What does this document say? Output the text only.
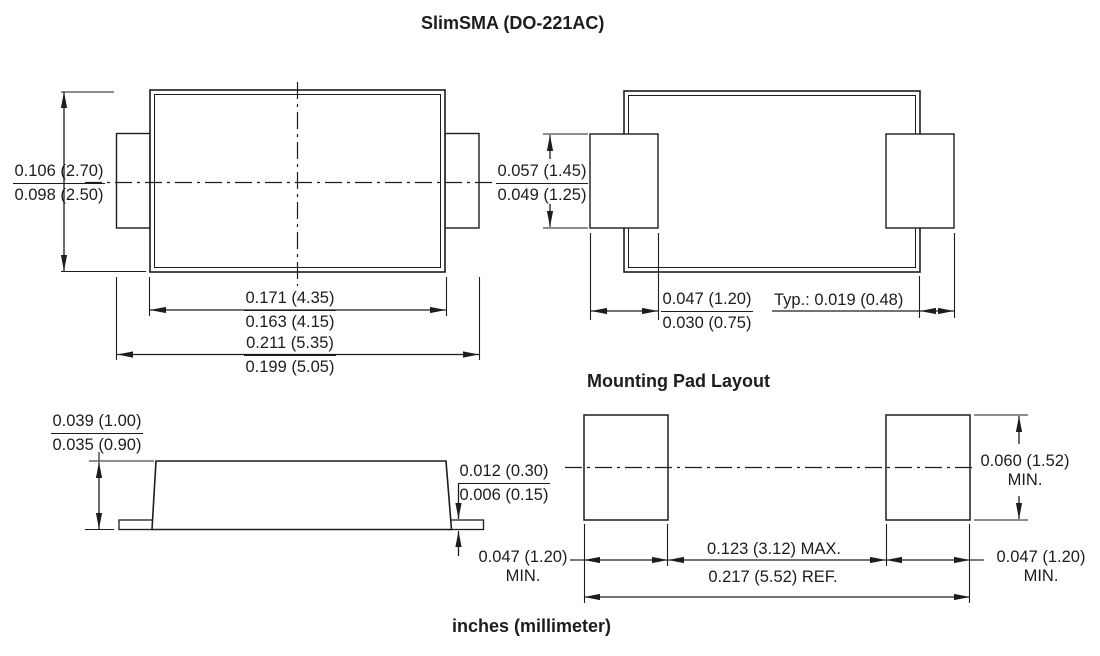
SlimSMA (DO-221AC)
$\frac{0.106 (2.70)}{0.098 (2.50)}$
$\frac{0.171 (4.35)}{0.163 (4.15)}$
$\frac{0.211 (5.35)}{0.199 (5.05)}$
$\frac{0.057 (1.45)}{0.049 (1.25)}$
$\frac{0.047 (1.20)}{0.030 (0.75)}$ Typ.: 0.019 (0.48)
$\frac{0.039 (1.00)}{0.035 (0.90)}$
$\frac{0.012 (0.30)}{0.006 (0.15)}$
Mounting Pad Layout
0.060 (1.52)
MIN.
0.047 (1.20)
MIN.
0.047 (1.20)
MIN.
0.123 (3.12) MAX.
0.217 (5.52) REF.
inches (millimeter)
